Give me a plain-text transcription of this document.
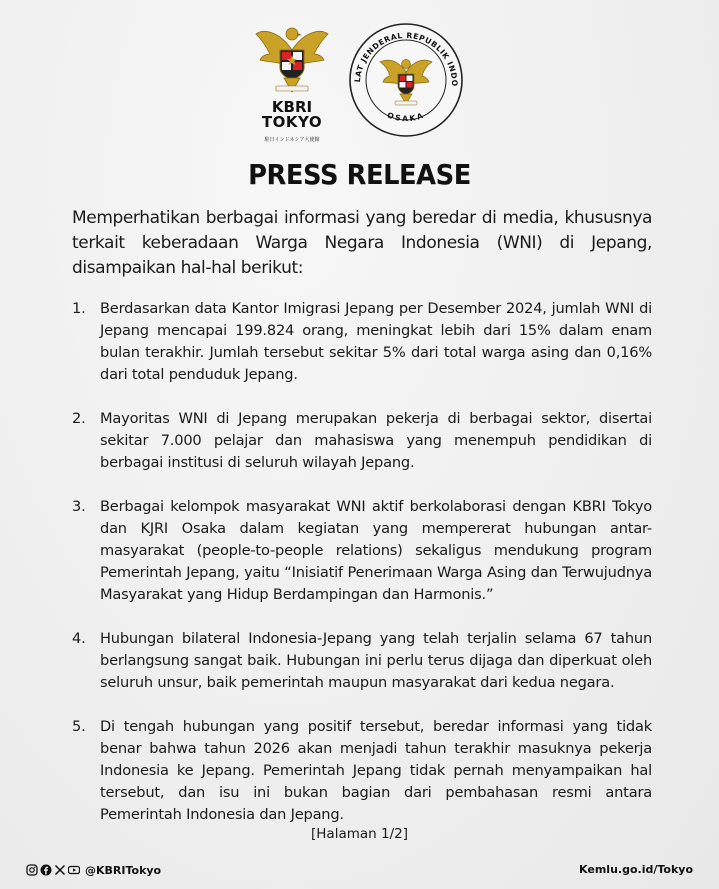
KBRI
TOKYO
駐日インドネシア大使館
LAT JENDERAL REPUBLIK INDO
OSAKA
PRESS RELEASE

Memperhatikan berbagai informasi yang beredar di media, khususnya terkait keberadaan Warga Negara Indonesia (WNI) di Jepang, disampaikan hal-hal berikut:

1. Berdasarkan data Kantor Imigrasi Jepang per Desember 2024, jumlah WNI di Jepang mencapai 199.824 orang, meningkat lebih dari 15% dalam enam bulan terakhir. Jumlah tersebut sekitar 5% dari total warga asing dan 0,16% dari total penduduk Jepang.
2. Mayoritas WNI di Jepang merupakan pekerja di berbagai sektor, disertai sekitar 7.000 pelajar dan mahasiswa yang menempuh pendidikan di berbagai institusi di seluruh wilayah Jepang.
3. Berbagai kelompok masyarakat WNI aktif berkolaborasi dengan KBRI Tokyo dan KJRI Osaka dalam kegiatan yang mempererat hubungan antar-masyarakat (people-to-people relations) sekaligus mendukung program Pemerintah Jepang, yaitu “Inisiatif Penerimaan Warga Asing dan Terwujudnya Masyarakat yang Hidup Berdampingan dan Harmonis.”
4. Hubungan bilateral Indonesia-Jepang yang telah terjalin selama 67 tahun berlangsung sangat baik. Hubungan ini perlu terus dijaga dan diperkuat oleh seluruh unsur, baik pemerintah maupun masyarakat dari kedua negara.
5. Di tengah hubungan yang positif tersebut, beredar informasi yang tidak benar bahwa tahun 2026 akan menjadi tahun terakhir masuknya pekerja Indonesia ke Jepang. Pemerintah Jepang tidak pernah menyampaikan hal tersebut, dan isu ini bukan bagian dari pembahasan resmi antara Pemerintah Indonesia dan Jepang.
[Halaman 1/2]
@KBRITokyo	Kemlu.go.id/Tokyo
